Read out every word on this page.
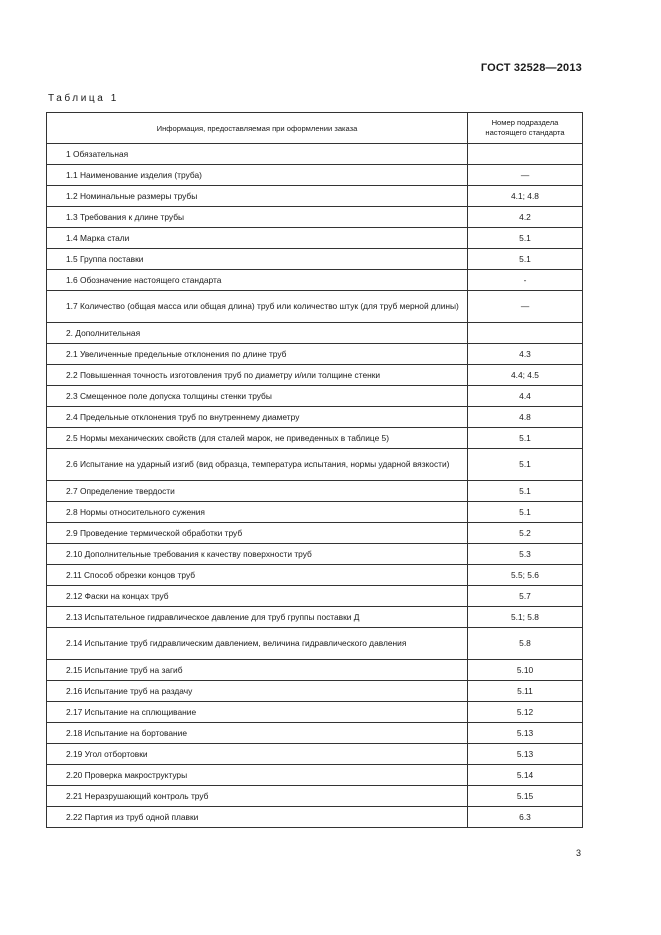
ГОСТ 32528—2013
Таблица 1
Информация, предоставляемая при оформлении заказа	Номер подраздела настоящего стандарта
1 Обязательная	
1.1 Наименование изделия (труба)	—
1.2 Номинальные размеры трубы	4.1; 4.8
1.3 Требования к длине трубы	4.2
1.4 Марка стали	5.1
1.5 Группа поставки	5.1
1.6 Обозначение настоящего стандарта	-
1.7 Количество (общая масса или общая длина) труб или количество штук (для труб мерной длины)	—
2. Дополнительная	
2.1 Увеличенные предельные отклонения по длине труб	4.3
2.2 Повышенная точность изготовления труб по диаметру и/или толщине стенки	4.4; 4.5
2.3 Смещенное поле допуска толщины стенки трубы	4.4
2.4 Предельные отклонения труб по внутреннему диаметру	4.8
2.5 Нормы механических свойств (для сталей марок, не приведенных в таблице 5)	5.1
2.6 Испытание на ударный изгиб (вид образца, температура испытания, нормы ударной вязкости)	5.1
2.7 Определение твердости	5.1
2.8 Нормы относительного сужения	5.1
2.9 Проведение термической обработки труб	5.2
2.10 Дополнительные требования к качеству поверхности труб	5.3
2.11 Способ обрезки концов труб	5.5; 5.6
2.12 Фаски на концах труб	5.7
2.13 Испытательное гидравлическое давление для труб группы поставки Д	5.1; 5.8
2.14 Испытание труб гидравлическим давлением, величина гидравлического давления	5.8
2.15 Испытание труб на загиб	5.10
2.16 Испытание труб на раздачу	5.11
2.17 Испытание на сплющивание	5.12
2.18 Испытание на бортование	5.13
2.19 Угол отбортовки	5.13
2.20 Проверка макроструктуры	5.14
2.21 Неразрушающий контроль труб	5.15
2.22 Партия из труб одной плавки	6.3
3
